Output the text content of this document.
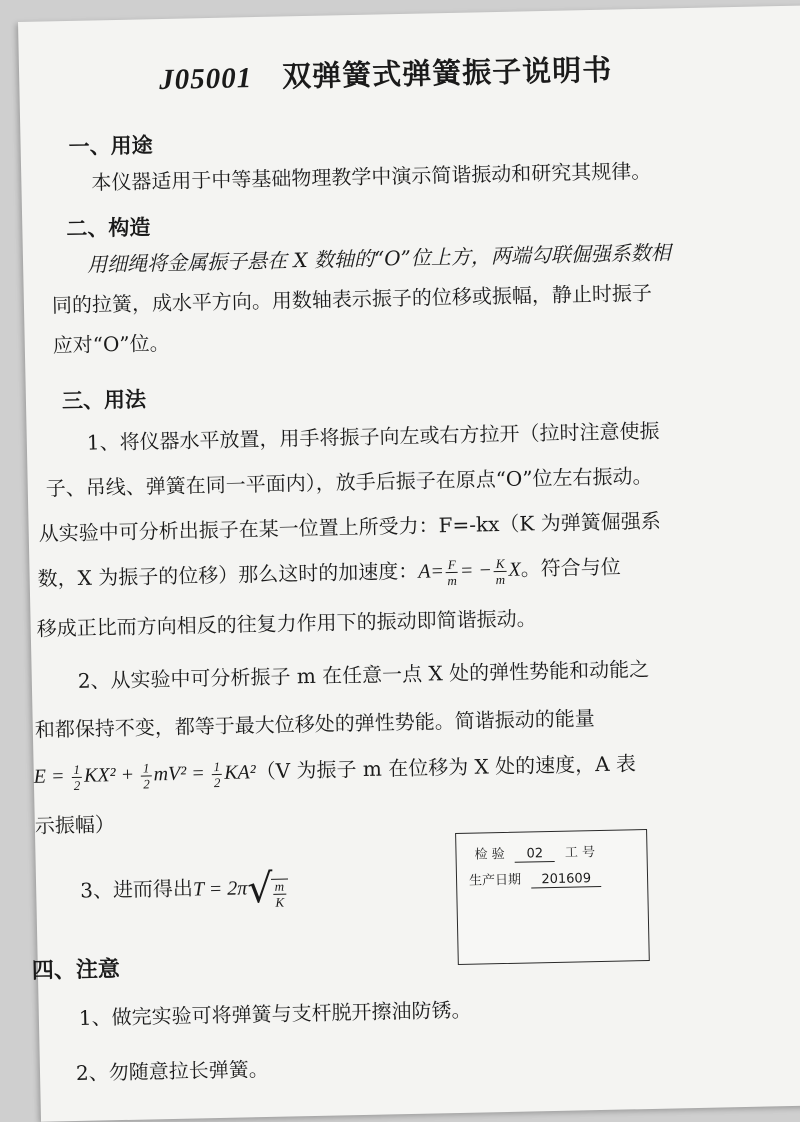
J05001 双弹簧式弹簧振子说明书
一、用途
本仪器适用于中等基础物理教学中演示简谐振动和研究其规律。
二、构造
用细绳将金属振子悬在 X 数轴的“O”位上方，两端勾联倔强系数相
同的拉簧，成水平方向。用数轴表示振子的位移或振幅，静止时振子
应对“O”位。
三、用法
1、将仪器水平放置，用手将振子向左或右方拉开（拉时注意使振
子、吊线、弹簧在同一平面内），放手后振子在原点“O”位左右振动。
从实验中可分析出振子在某一位置上所受力：F=-kx（K 为弹簧倔强系
数，X 为振子的位移）那么这时的加速度：$A= \frac{F}{m}$ = − $\frac{K}{m}$ X。符合与位
移成正比而方向相反的往复力作用下的振动即简谐振动。
2、从实验中可分析振子 m 在任意一点 X 处的弹性势能和动能之
和都保持不变，都等于最大位移处的弹性势能。简谐振动的能量
$E = \frac{1}{2} KX^2 + \frac{1}{2} mV^2 = \frac{1}{2} KA^2(V$ 为振子 m 在位移为 X 处的速度，A 表
示振幅）
3、进而得出T = 2π √ $\frac{m}{K}$
检 验 02 工 号
生产日期 201609
四、注意
1、做完实验可将弹簧与支杆脱开擦油防锈。
2、勿随意拉长弹簧。
